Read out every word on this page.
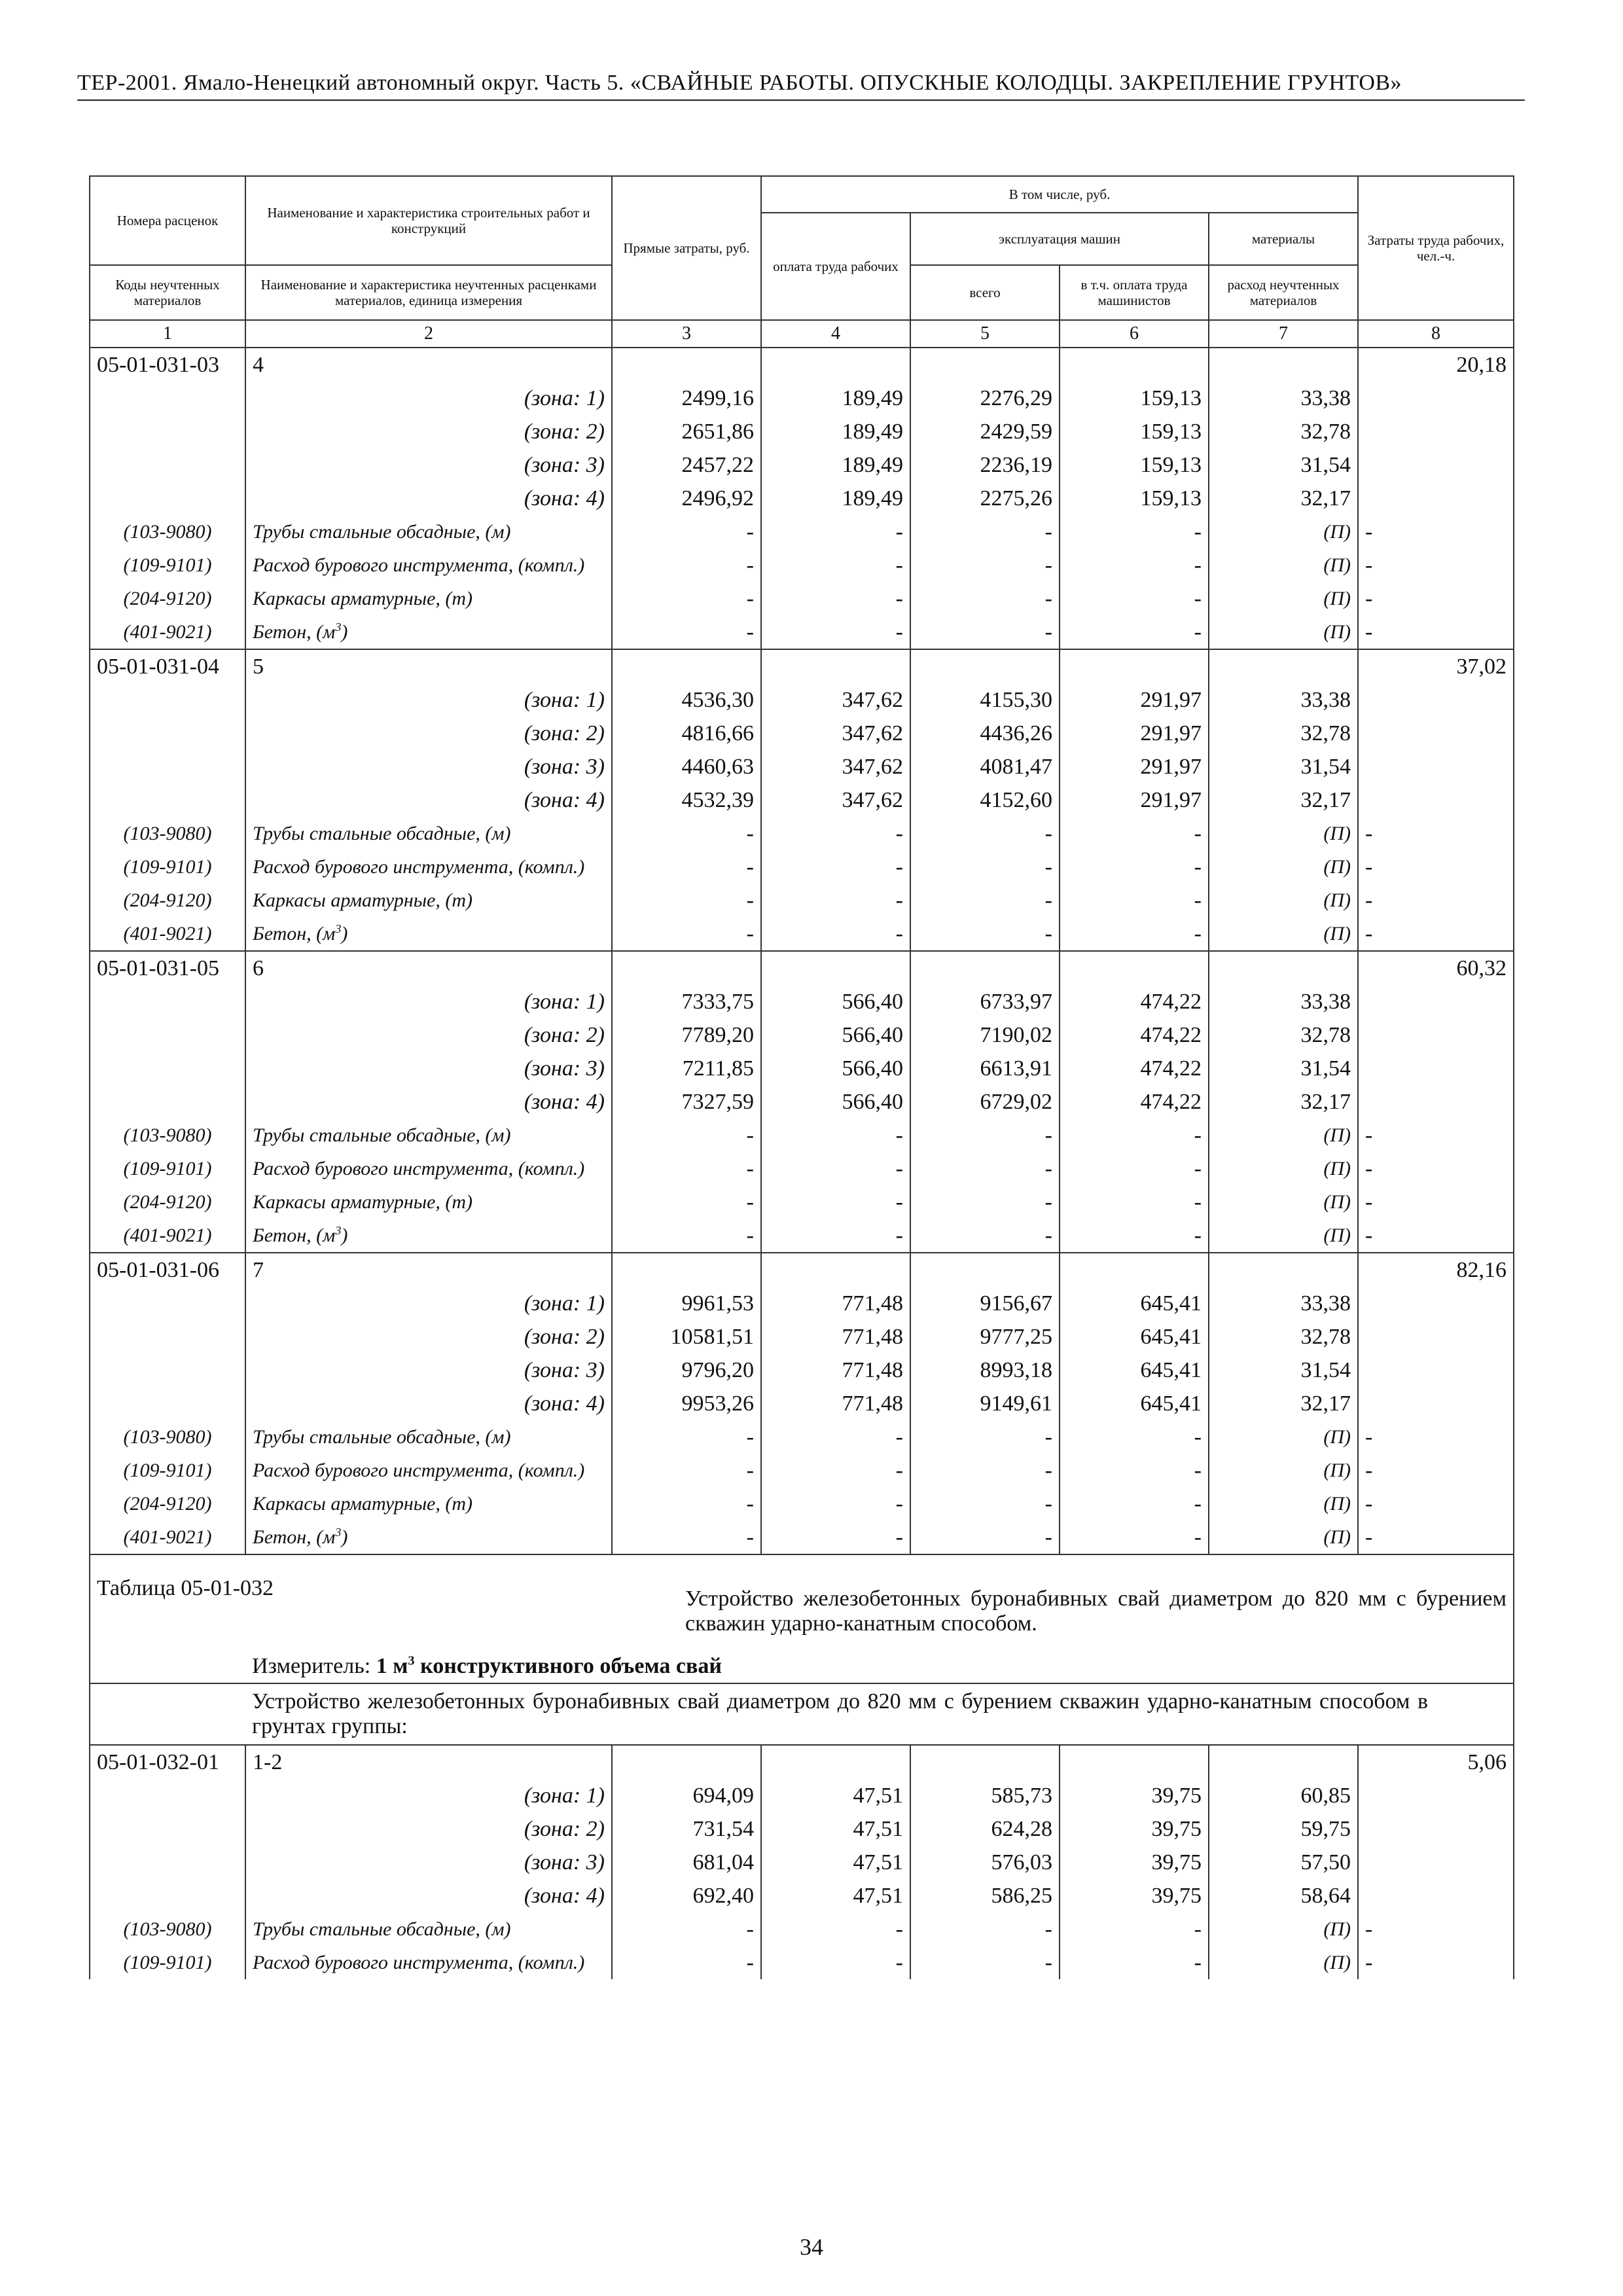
ТЕР-2001. Ямало-Ненецкий автономный округ. Часть 5. «СВАЙНЫЕ РАБОТЫ. ОПУСКНЫЕ КОЛОДЦЫ. ЗАКРЕПЛЕНИЕ ГРУНТОВ»
Номера расценок	Наименование и характеристика строительных работ и конструкций	Прямые затраты, руб.	В том числе, руб.				Затраты труда рабочих, чел.-ч.
			оплата труда рабочих	эксплуатация машин		материалы	
Коды неучтенных материалов	Наименование и характеристика неучтенных расценками материалов, единица измерения			всего	в т.ч. оплата труда машинистов	расход неучтенных материалов	
1	2	3	4	5	6	7	8
05-01-031-03	4						20,18
	(зона: 1)	2499,16	189,49	2276,29	159,13	33,38	
	(зона: 2)	2651,86	189,49	2429,59	159,13	32,78	
	(зона: 3)	2457,22	189,49	2236,19	159,13	31,54	
	(зона: 4)	2496,92	189,49	2275,26	159,13	32,17	
(103-9080)	Трубы стальные обсадные, (м)	-	-	-	-	(П)	-
(109-9101)	Расход бурового инструмента, (компл.)	-	-	-	-	(П)	-
(204-9120)	Каркасы арматурные, (т)	-	-	-	-	(П)	-
(401-9021)	Бетон, $(м^3)$	-	-	-	-	(П)	-
05-01-031-04	5						37,02
	(зона: 1)	4536,30	347,62	4155,30	291,97	33,38	
	(зона: 2)	4816,66	347,62	4436,26	291,97	32,78	
	(зона: 3)	4460,63	347,62	4081,47	291,97	31,54	
	(зона: 4)	4532,39	347,62	4152,60	291,97	32,17	
(103-9080)	Трубы стальные обсадные, (м)	-	-	-	-	(П)	-
(109-9101)	Расход бурового инструмента, (компл.)	-	-	-	-	(П)	-
(204-9120)	Каркасы арматурные, (т)	-	-	-	-	(П)	-
(401-9021)	Бетон, $(м^3)$	-	-	-	-	(П)	-
05-01-031-05	6						60,32
	(зона: 1)	7333,75	566,40	6733,97	474,22	33,38	
	(зона: 2)	7789,20	566,40	7190,02	474,22	32,78	
	(зона: 3)	7211,85	566,40	6613,91	474,22	31,54	
	(зона: 4)	7327,59	566,40	6729,02	474,22	32,17	
(103-9080)	Трубы стальные обсадные, (м)	-	-	-	-	(П)	-
(109-9101)	Расход бурового инструмента, (компл.)	-	-	-	-	(П)	-
(204-9120)	Каркасы арматурные, (т)	-	-	-	-	(П)	-
(401-9021)	Бетон, $(м^3)$	-	-	-	-	(П)	-
05-01-031-06	7						82,16
	(зона: 1)	9961,53	771,48	9156,67	645,41	33,38	
	(зона: 2)	10581,51	771,48	9777,25	645,41	32,78	
	(зона: 3)	9796,20	771,48	8993,18	645,41	31,54	
	(зона: 4)	9953,26	771,48	9149,61	645,41	32,17	
(103-9080)	Трубы стальные обсадные, (м)	-	-	-	-	(П)	-
(109-9101)	Расход бурового инструмента, (компл.)	-	-	-	-	(П)	-
(204-9120)	Каркасы арматурные, (т)	-	-	-	-	(П)	-
(401-9021)	Бетон, $(м^3)$	-	-	-	-	(П)	-
Таблица 05-01-032		Устройство железобетонных буронабивных свай диаметром до 820 мм с бурением скважин ударно-канатным способом.					
	Измеритель: 1 $м^3$ конструктивного объема свай						
	Устройство железобетонных буронабивных свай диаметром до 820 мм с бурением скважин ударно-канатным способом в грунтах группы:						
05-01-032-01	1-2						5,06
	(зона: 1)	694,09	47,51	585,73	39,75	60,85	
	(зона: 2)	731,54	47,51	624,28	39,75	59,75	
	(зона: 3)	681,04	47,51	576,03	39,75	57,50	
	(зона: 4)	692,40	47,51	586,25	39,75	58,64	
(103-9080)	Трубы стальные обсадные, (м)	-	-	-	-	(П)	-
(109-9101)	Расход бурового инструмента, (компл.)	-	-	-	-	(П)	-
34
